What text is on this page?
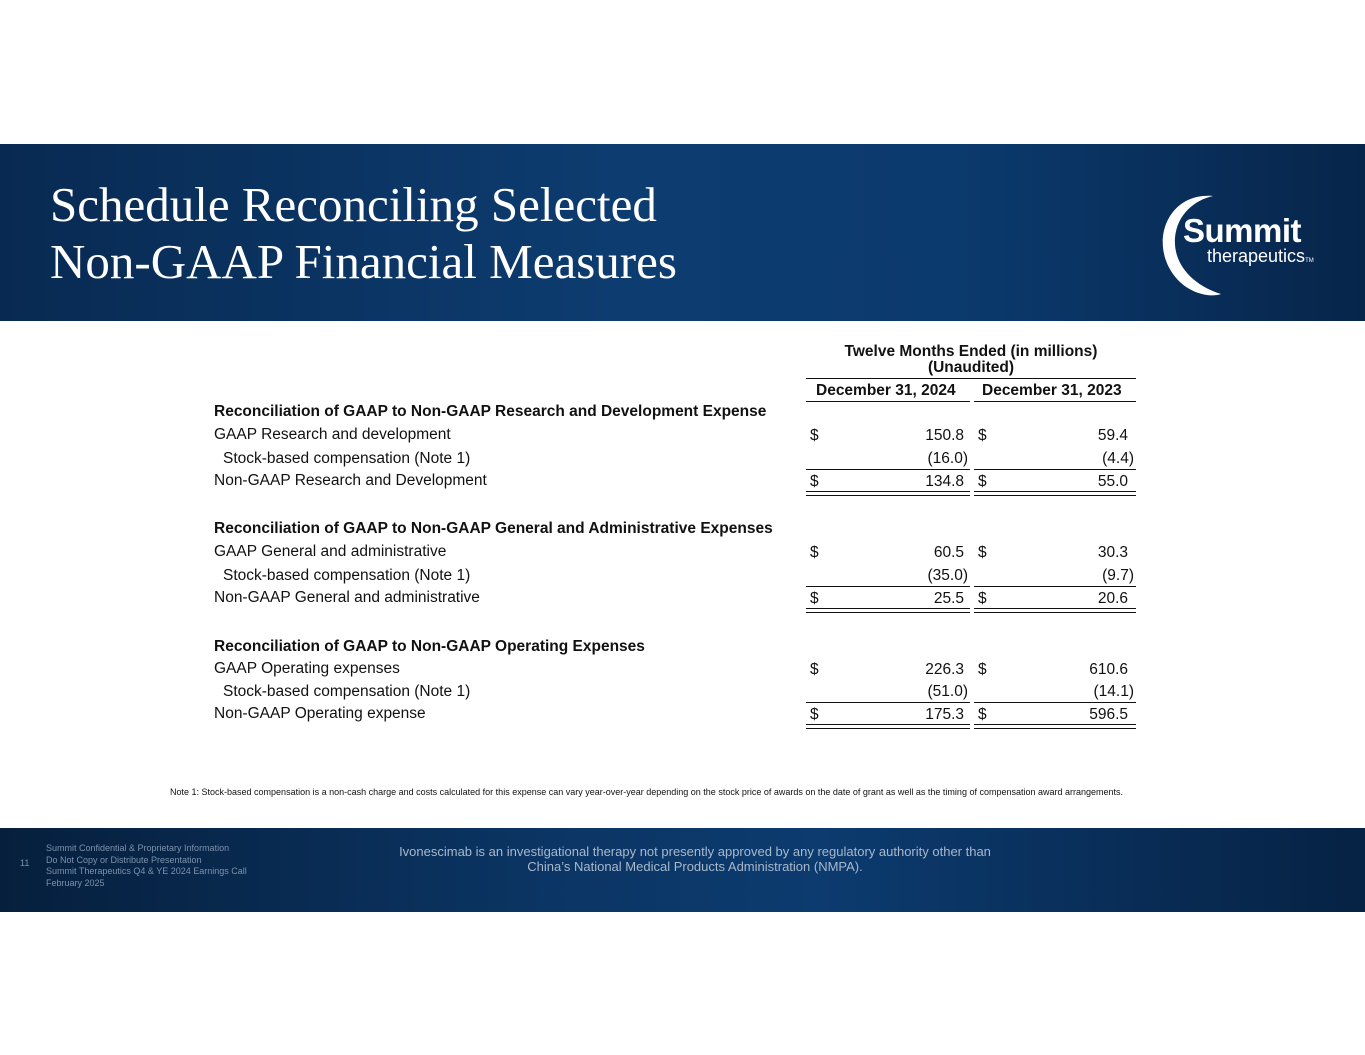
Schedule Reconciling Selected
Non-GAAP Financial Measures
Summit
therapeuticsTM
Twelve Months Ended (in millions)
(Unaudited)
December 31, 2024 December 31, 2023
Reconciliation of GAAP to Non-GAAP Research and Development Expense
GAAP Research and development	$	150.8 $	59.4
Stock-based compensation (Note 1)	(16.0)	(4.4)
Non-GAAP Research and Development	$	134.8 $	55.0
Reconciliation of GAAP to Non-GAAP General and Administrative Expenses
GAAP General and administrative	$	60.5 $	30.3
Stock-based compensation (Note 1)	(35.0)	(9.7)
Non-GAAP General and administrative	$	25.5 $	20.6
Reconciliation of GAAP to Non-GAAP Operating Expenses
GAAP Operating expenses	$	226.3 $	610.6
Stock-based compensation (Note 1)	(51.0)	(14.1)
Non-GAAP Operating expense	$	175.3 $	596.5
Note 1: Stock-based compensation is a non-cash charge and costs calculated for this expense can vary year-over-year depending on the stock price of awards on the date of grant as well as the timing of compensation award arrangements.
11
Summit Confidential & Proprietary Information
Do Not Copy or Distribute Presentation
Summit Therapeutics Q4 & YE 2024 Earnings Call
February 2025
Ivonescimab is an investigational therapy not presently approved by any regulatory authority other than
China’s National Medical Products Administration (NMPA).
